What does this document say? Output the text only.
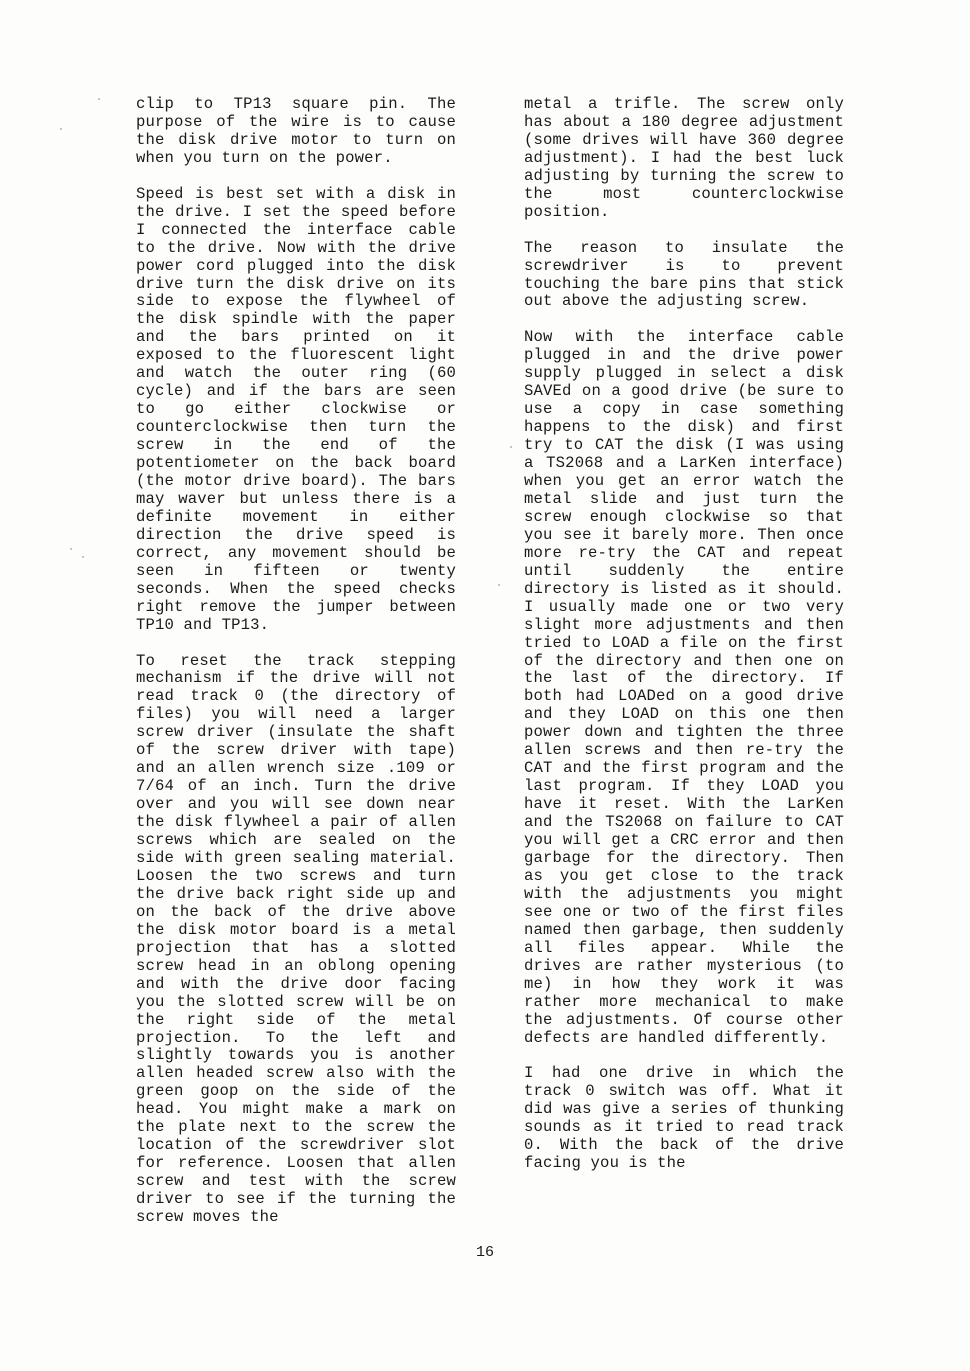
clip to TP13 square pin. The purpose of the wire is to cause the disk drive motor to turn on when you turn on the power.

Speed is best set with a disk in the drive. I set the speed before I connected the interface cable to the drive. Now with the drive power cord plugged into the disk drive turn the disk drive on its side to expose the flywheel of the disk spindle with the paper and the bars printed on it exposed to the fluorescent light and watch the outer ring (60 cycle) and if the bars are seen to go either clockwise or counterclockwise then turn the screw in the end of the potentiometer on the back board (the motor drive board). The bars may waver but unless there is a definite movement in either direction the drive speed is correct, any movement should be seen in fifteen or twenty seconds. When the speed checks right remove the jumper between TP10 and TP13.

To reset the track stepping mechanism if the drive will not read track 0 (the directory of files) you will need a larger screw driver (insulate the shaft of the screw driver with tape) and an allen wrench size .109 or 7/64 of an inch. Turn the drive over and you will see down near the disk flywheel a pair of allen screws which are sealed on the side with green sealing material. Loosen the two screws and turn the drive back right side up and on the back of the drive above the disk motor board is a metal projection that has a slotted screw head in an oblong opening and with the drive door facing you the slotted screw will be on the right side of the metal projection. To the left and slightly towards you is another allen headed screw also with the green goop on the side of the head. You might make a mark on the plate next to the screw the location of the screwdriver slot for reference. Loosen that allen screw and test with the screw driver to see if the turning the screw moves the

16

metal a trifle. The screw only has about a 180 degree adjustment (some drives will have 360 degree adjustment). I had the best luck adjusting by turning the screw to the most counterclockwise position.

The reason to insulate the screwdriver is to prevent touching the bare pins that stick out above the adjusting screw.

Now with the interface cable plugged in and the drive power supply plugged in select a disk SAVEd on a good drive (be sure to use a copy in case something happens to the disk) and first try to CAT the disk (I was using a TS2068 and a LarKen interface) when you get an error watch the metal slide and just turn the screw enough clockwise so that you see it barely more. Then once more re-try the CAT and repeat until suddenly the entire directory is listed as it should. I usually made one or two very slight more adjustments and then tried to LOAD a file on the first of the directory and then one on the last of the directory. If both had LOADed on a good drive and they LOAD on this one then power down and tighten the three allen screws and then re-try the CAT and the first program and the last program. If they LOAD you have it reset. With the LarKen and the TS2068 on failure to CAT you will get a CRC error and then garbage for the directory. Then as you get close to the track with the adjustments you might see one or two of the first files named then garbage, then suddenly all files appear. While the drives are rather mysterious (to me) in how they work it was rather more mechanical to make the adjustments. Of course other defects are handled differently.

I had one drive in which the track 0 switch was off. What it did was give a series of thunking sounds as it tried to read track 0. With the back of the drive facing you is the
